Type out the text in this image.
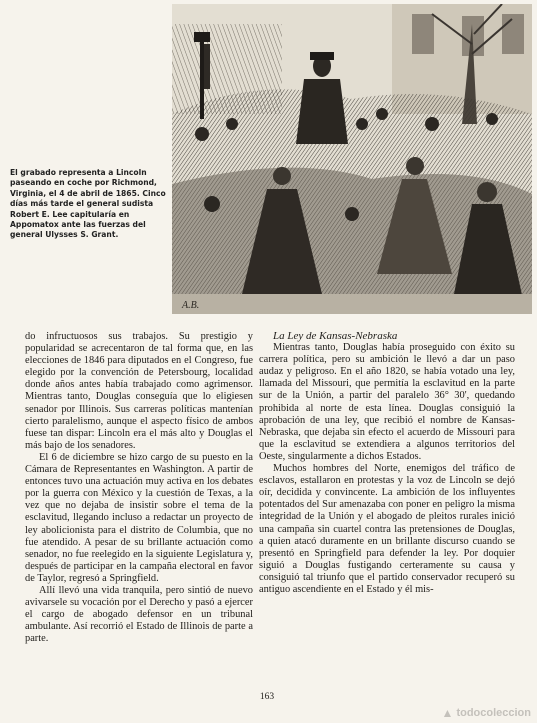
A.B.
El grabado representa a Lincoln paseando en coche por Richmond, Virginia, el 4 de abril de 1865. Cinco días más tarde el general sudista Robert E. Lee capitularía en Appomatox ante las fuerzas del general Ulysses S. Grant.

do infructuosos sus trabajos. Su prestigio y popularidad se acrecentaron de tal forma que, en las elecciones de 1846 para diputados en el Congreso, fue elegido por la convención de Petersbourg, localidad donde años antes había trabajado como agrimensor. Mientras tanto, Douglas conseguía que lo eligiesen senador por Illinois. Sus carreras políticas mantenían cierto paralelismo, aunque el aspecto físico de ambos fuese tan dispar: Lincoln era el más alto y Douglas el más bajo de los senadores.

El 6 de diciembre se hizo cargo de su puesto en la Cámara de Representantes en Washington. A partir de entonces tuvo una actuación muy activa en los debates por la guerra con México y la cuestión de Texas, a la vez que no dejaba de insistir sobre el tema de la esclavitud, llegando incluso a redactar un proyecto de ley abolicionista para el distrito de Columbia, que no fue atendido. A pesar de su brillante actuación como senador, no fue reelegido en la siguiente Legislatura y, después de participar en la campaña electoral en favor de Taylor, regresó a Springfield.

Allí llevó una vida tranquila, pero sintió de nuevo avivarsele su vocación por el Derecho y pasó a ejercer el cargo de abogado defensor en un tribunal ambulante. Así recorrió el Estado de Illinois de parte a parte.

La Ley de Kansas-Nebraska

Mientras tanto, Douglas había proseguido con éxito su carrera política, pero su ambición le llevó a dar un paso audaz y peligroso. En el año 1820, se había votado una ley, llamada del Missouri, que permitía la esclavitud en la parte sur de la Unión, a partir del paralelo 36° 30', quedando prohibida al norte de esta línea. Douglas consiguió la aprobación de una ley, que recibió el nombre de Kansas-Nebraska, que dejaba sin efecto el acuerdo de Missouri para que la esclavitud se extendiera a algunos territorios del Oeste, singularmente a dichos Estados.

Muchos hombres del Norte, enemigos del tráfico de esclavos, estallaron en protestas y la voz de Lincoln se dejó oír, decidida y convincente. La ambición de los influyentes potentados del Sur amenazaba con poner en peligro la misma integridad de la Unión y el abogado de pleitos rurales inició una campaña sin cuartel contra las pretensiones de Douglas, a quien atacó duramente en un brillante discurso cuando se presentó en Springfield para defender la ley. Por doquier siguió a Douglas fustigando certeramente su causa y consiguió tal triunfo que el partido conservador recuperó su antiguo ascendiente en el Estado y él mis-

163
▲ todocoleccion
